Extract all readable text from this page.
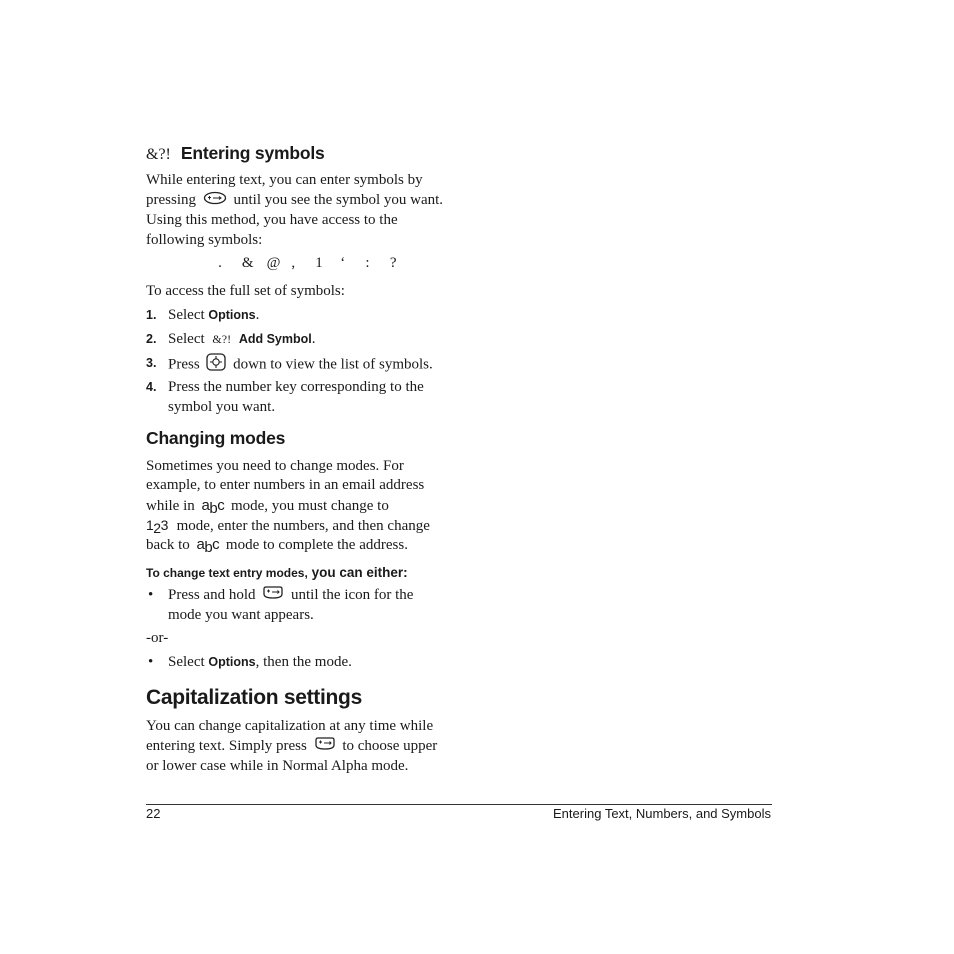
&?! Entering symbols
While entering text, you can enter symbols by
pressing	until you see the symbol you want.
Using this method, you have access to the
following symbols:
. & @ , 1 ‘ : ?
To access the full set of symbols:
1. Select Options.
2. Select &?! Add Symbol.
3. Press down to view the list of symbols.
4. Press the number key corresponding to the
symbol you want.
Changing modes
Sometimes you need to change modes. For
example, to enter numbers in an email address
while in abc mode, you must change to
123 mode, enter the numbers, and then change
back to abc mode to complete the address.
To change text entry modes, you can either:
• Press and hold until the icon for the
mode you want appears.
-or-
• Select Options, then the mode.
Capitalization settings
You can change capitalization at any time while
entering text. Simply press to choose upper
or lower case while in Normal Alpha mode.
22	Entering Text, Numbers, and Symbols
